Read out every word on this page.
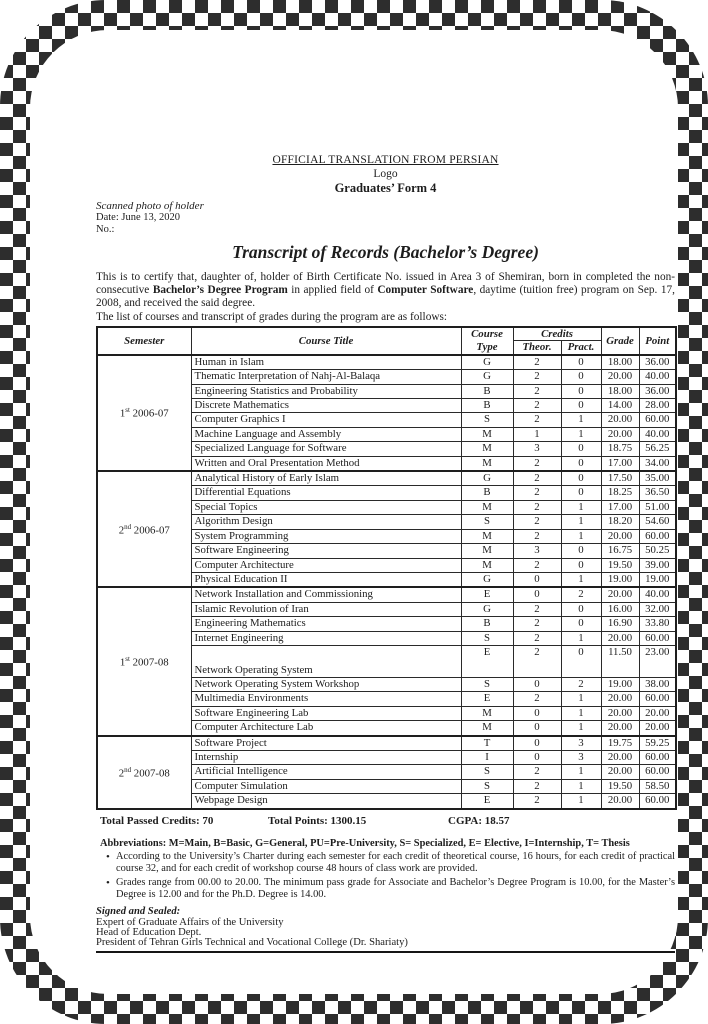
OFFICIAL TRANSLATION FROM PERSIAN
Logo
Graduates’ Form 4
Scanned photo of holder
Date: June 13, 2020
No.:
Transcript of Records (Bachelor’s Degree)
This is to certify that, daughter of, holder of Birth Certificate No. issued in Area 3 of Shemiran, born in completed the non-consecutive Bachelor’s Degree Program in applied field of Computer Software, daytime (tuition free) program on Sep. 17, 2008, and received the said degree.
The list of courses and transcript of grades during the program are as follows:
Semester	Course Title	Course Type	Credits		Grade	Point
			Theor.	Pract.		
1st 2006-07	Human in Islam	G	2	0	18.00	36.00
	Thematic Interpretation of Nahj-Al-Balaqa	G	2	0	20.00	40.00
	Engineering Statistics and Probability	B	2	0	18.00	36.00
	Discrete Mathematics	B	2	0	14.00	28.00
	Computer Graphics I	S	2	1	20.00	60.00
	Machine Language and Assembly	M	1	1	20.00	40.00
	Specialized Language for Software	M	3	0	18.75	56.25
	Written and Oral Presentation Method	M	2	0	17.00	34.00
2nd 2006-07	Analytical History of Early Islam	G	2	0	17.50	35.00
	Differential Equations	B	2	0	18.25	36.50
	Special Topics	M	2	1	17.00	51.00
	Algorithm Design	S	2	1	18.20	54.60
	System Programming	M	2	1	20.00	60.00
	Software Engineering	M	3	0	16.75	50.25
	Computer Architecture	M	2	0	19.50	39.00
	Physical Education II	G	0	1	19.00	19.00
1st 2007-08	Network Installation and Commissioning	E	0	2	20.00	40.00
	Islamic Revolution of Iran	G	2	0	16.00	32.00
	Engineering Mathematics	B	2	0	16.90	33.80
	Internet Engineering	S	2	1	20.00	60.00
	Network Operating System	E	2	0	11.50	23.00
	Network Operating System Workshop	S	0	2	19.00	38.00
	Multimedia Environments	E	2	1	20.00	60.00
	Software Engineering Lab	M	0	1	20.00	20.00
	Computer Architecture Lab	M	0	1	20.00	20.00
2nd 2007-08	Software Project	T	0	3	19.75	59.25
	Internship	I	0	3	20.00	60.00
	Artificial Intelligence	S	2	1	20.00	60.00
	Computer Simulation	S	2	1	19.50	58.50
	Webpage Design	E	2	1	20.00	60.00
Total Passed Credits: 70	Total Points: 1300.15	CGPA: 18.57
Abbreviations: M=Main, B=Basic, G=General, PU=Pre-University, S= Specialized, E= Elective, I=Internship, T= Thesis
• According to the University’s Charter during each semester for each credit of theoretical course, 16 hours, for each credit of practical course 32, and for each credit of workshop course 48 hours of class work are provided.
• Grades range from 00.00 to 20.00. The minimum pass grade for Associate and Bachelor’s Degree Program is 10.00, for the Master’s Degree is 12.00 and for the Ph.D. Degree is 14.00.
Signed and Sealed:
Expert of Graduate Affairs of the University
Head of Education Dept.
President of Tehran Girls Technical and Vocational College (Dr. Shariaty)
